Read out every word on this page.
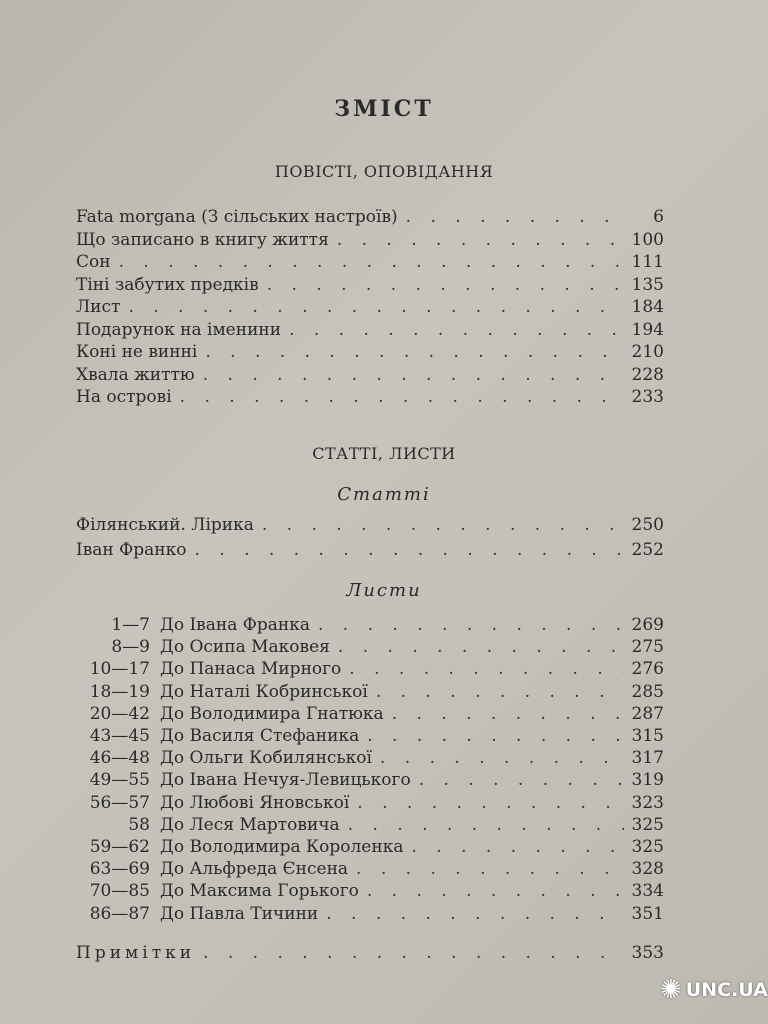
ЗМІСТ
ПОВІСТІ, ОПОВІДАННЯ
Fata morgana (З сільських настроїв) . . .	6
Що записано в книгу життя . . .	100
Сон . . .	111
Тіні забутих предків . . .	135
Лист . . .	184
Подарунок на іменини . . .	194
Коні не винні . . .	210
Хвала життю . . .	228
На острові . . .	233
СТАТТІ, ЛИСТИ
Статті
Філянський. Лірика . . .	250
Іван Франко . . .	252
Листи
1—7 До Івана Франка . . .	269
8—9 До Осипа Маковея . . .	275
10—17 До Панаса Мирного . . .	276
18—19 До Наталі Кобринської . . .	285
20—42 До Володимира Гнатюка . . .	287
43—45 До Василя Стефаника . . .	315
46—48 До Ольги Кобилянської . . .	317
49—55 До Івана Нечуя-Левицького . . .	319
56—57 До Любові Яновської . . .	323
58 До Леся Мартовича . . .	325
59—62 До Володимира Короленка . . .	325
63—69 До Альфреда Єнсена . . .	328
70—85 До Максима Горького . . .	334
86—87 До Павла Тичини . . .	351
Примітки . . .	353
✺ UNC.UA
